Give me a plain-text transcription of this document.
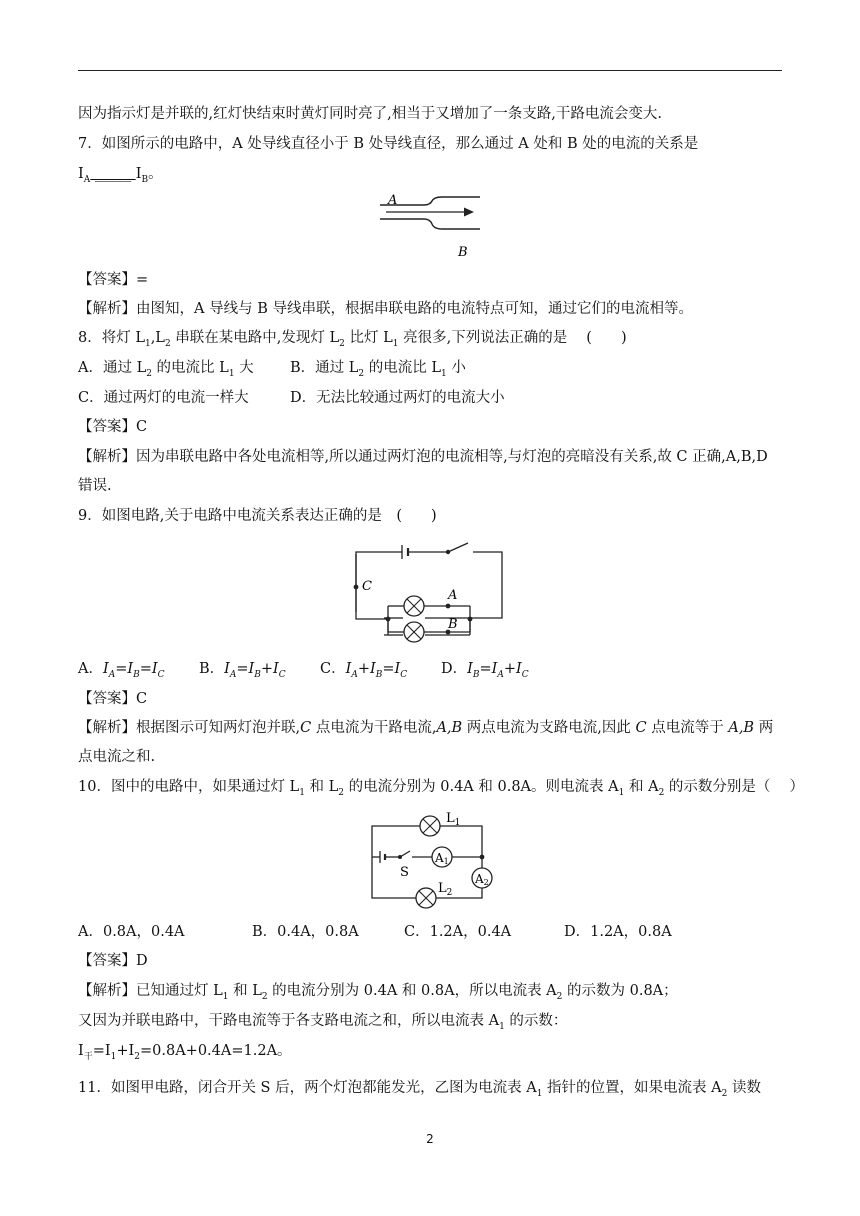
因为指示灯是并联的,红灯快结束时黄灯同时亮了,相当于又增加了一条支路,干路电流会变大.
7．如图所示的电路中，A 处导线直径小于 B 处导线直径，那么通过 A 处和 B 处的电流的关系是
$I_A$ _____ $I_B$。
A
B
【答案】=
【解析】由图知，A 导线与 B 导线串联，根据串联电路的电流特点可知，通过它们的电流相等。
8．将灯 $L_1,L_2$ 串联在某电路中,发现灯 $L_2$ 比灯 $L_1$ 亮很多,下列说法正确的是　 (　　)
A．通过 $L_2$ 的电流比 $L_1$ 大	B．通过 $L_2$ 的电流比 $L_1$ 小
C．通过两灯的电流一样大	D．无法比较通过两灯的电流大小
【答案】C
【解析】因为串联电路中各处电流相等,所以通过两灯泡的电流相等,与灯泡的亮暗没有关系,故 C 正确,A,B,D
错误.
9．如图电路,关于电路中电流关系表达正确的是　(　　)
C
A
B
A．$I_A=I_B=I_C$ B．$I_A=I_B+I_C$ C．$I_A+I_B=I_C$ D．$I_B=I_A+I_C$
【答案】C
【解析】根据图示可知两灯泡并联,C 点电流为干路电流,A,B 两点电流为支路电流,因此 C 点电流等于 A,B 两
点电流之和.
10．图中的电路中，如果通过灯 $L_1$ 和 $L_2$ 的电流分别为 0.4A 和 0.8A。则电流表 $A_1$ 和 $A_2$ 的示数分别是（　 ）
$L_1$
$L_2$
S
A1
A2
A．0.8A，0.4A	B．0.4A，0.8A	C．1.2A，0.4A	D．1.2A，0.8A
【答案】D
【解析】已知通过灯 $L_1$ 和 $L_2$ 的电流分别为 0.4A 和 0.8A，所以电流表 $A_2$ 的示数为 0.8A；
又因为并联电路中，干路电流等于各支路电流之和，所以电流表 $A_1$ 的示数：
$I_干=I_1+I_2=0.8A+0.4A=1.2A$。
11．如图甲电路，闭合开关 S 后，两个灯泡都能发光，乙图为电流表 $A_1$ 指针的位置，如果电流表 $A_2$ 读数
2
